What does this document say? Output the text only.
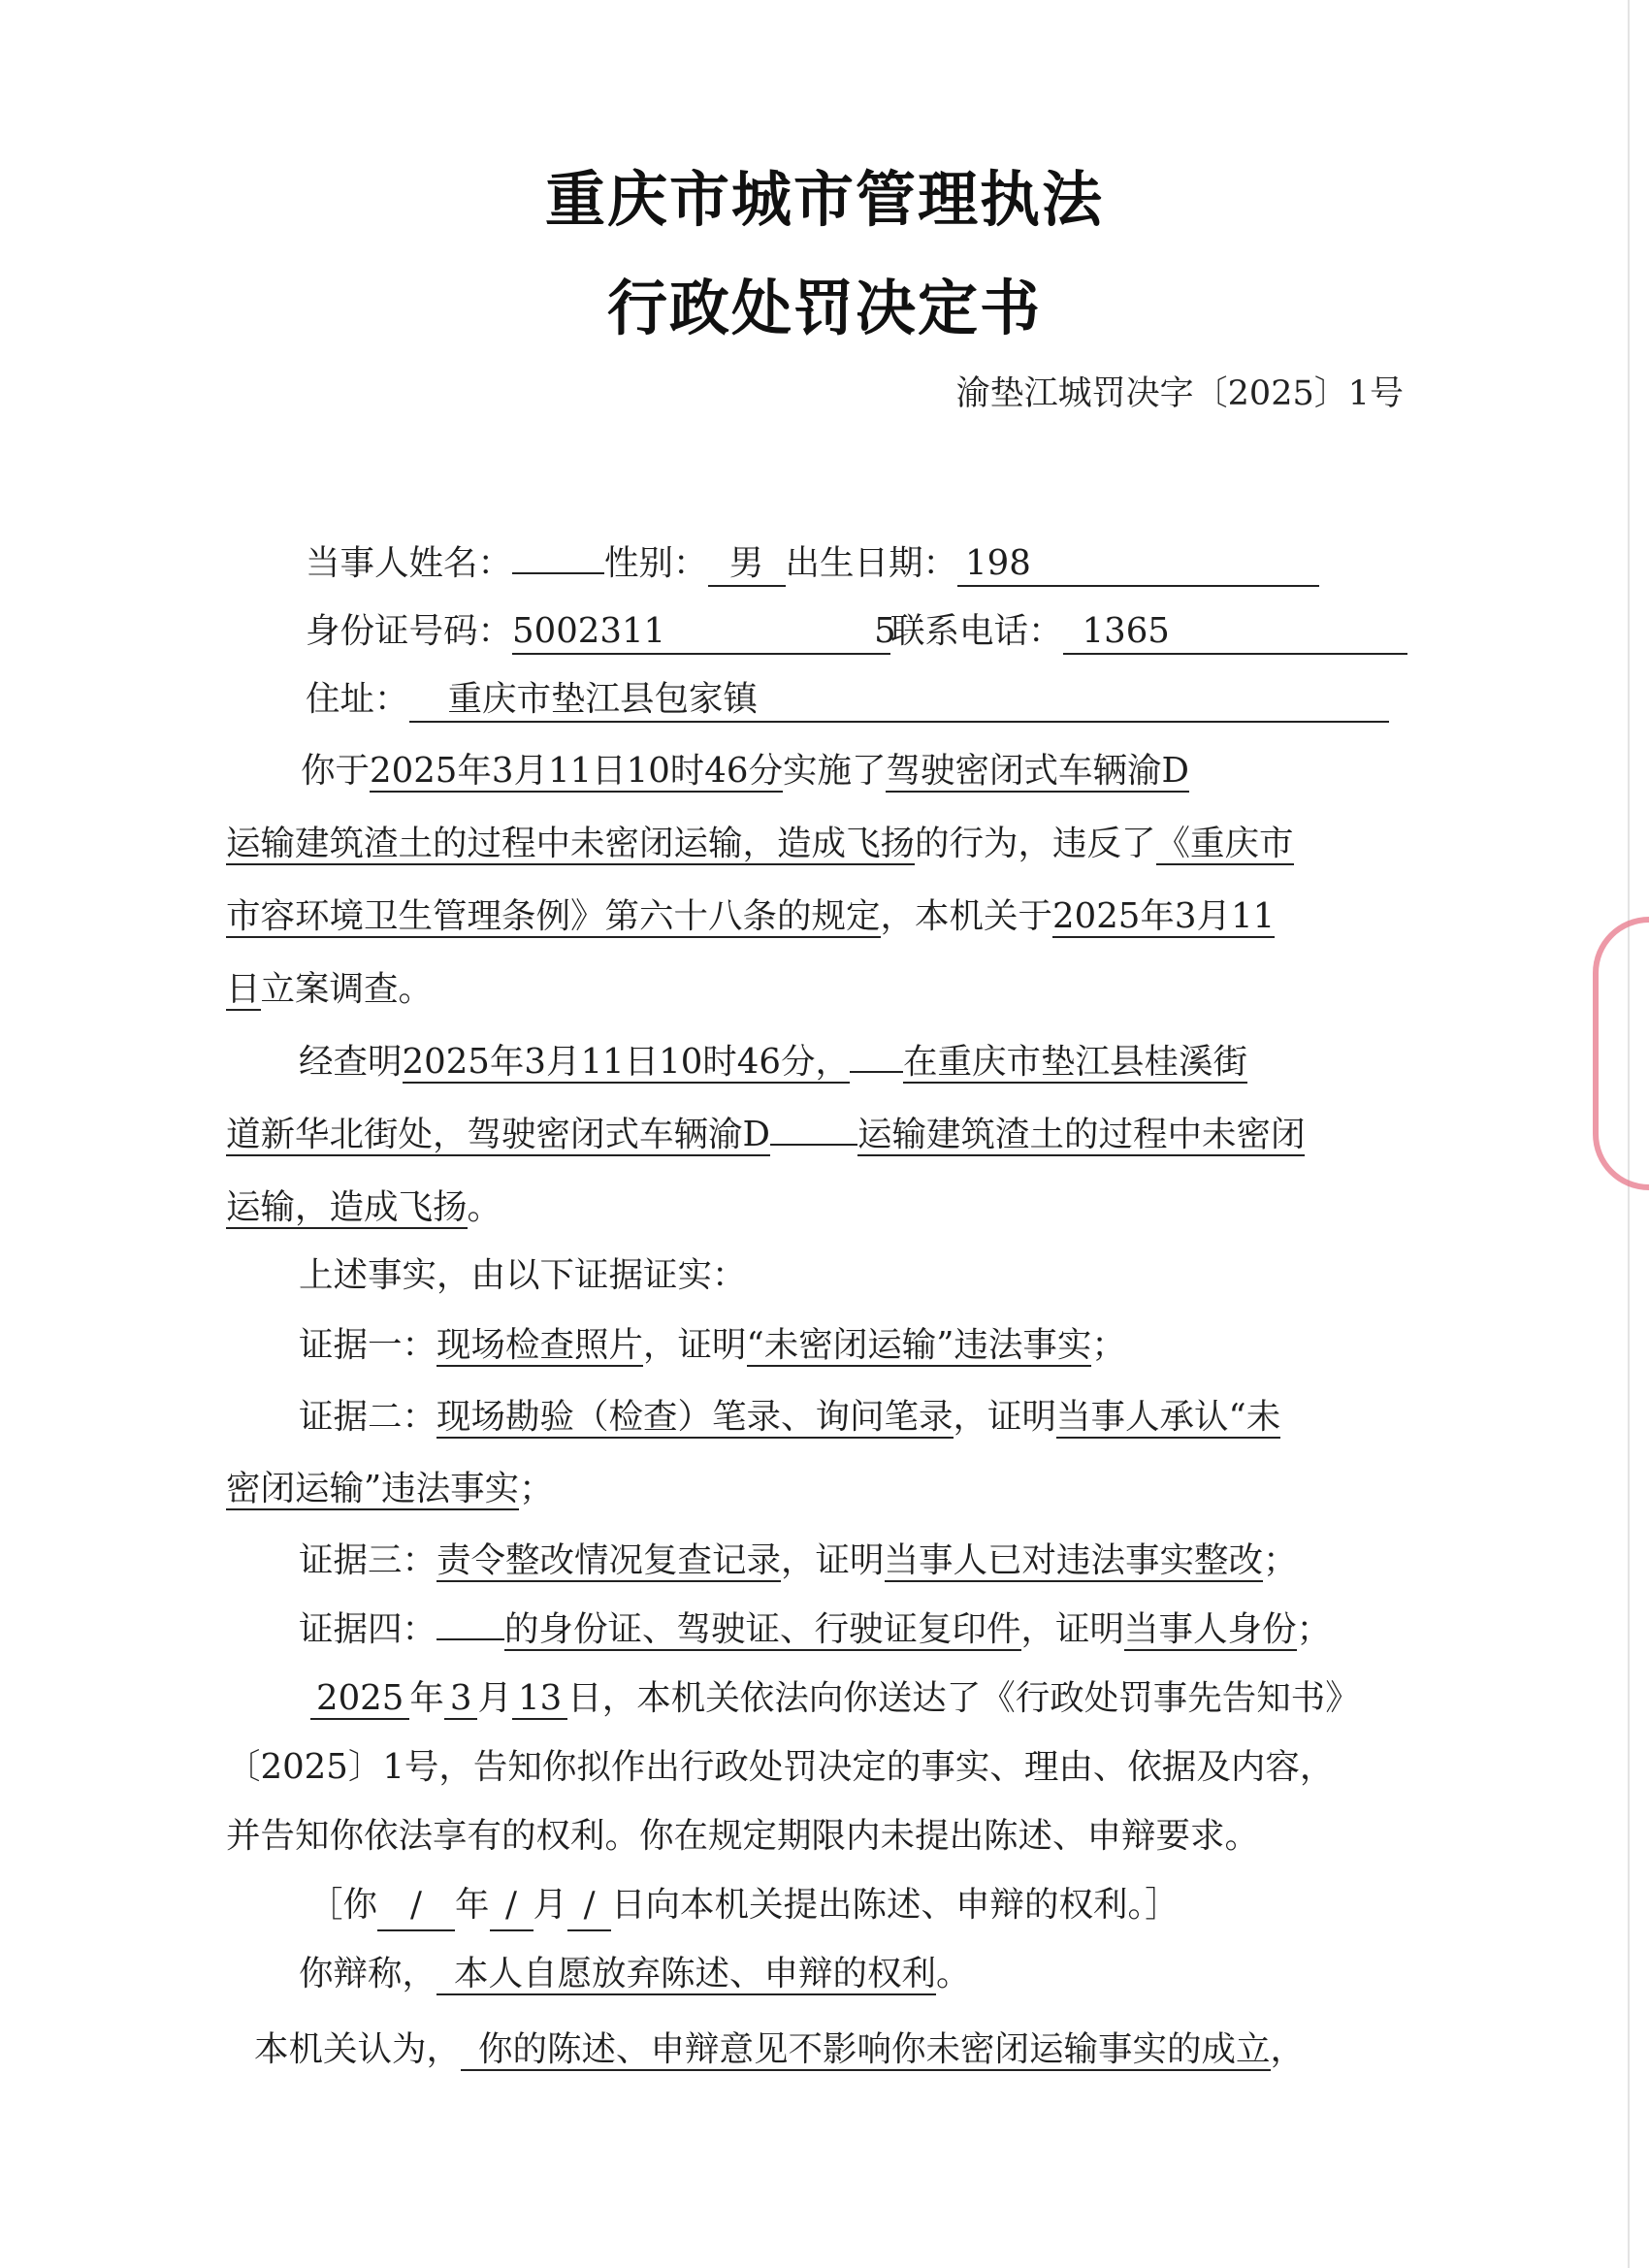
重庆市城市管理执法
行政处罚决定书
渝垫江城罚决字〔2025〕1号
当事人姓名：	性别： 男 出生日期： 198
身份证号码：5002311	5联系电话： 1365
住址： 重庆市垫江县包家镇
你于2025年3月11日10时46分实施了驾驶密闭式车辆渝D
运输建筑渣土的过程中未密闭运输，造成飞扬的行为，违反了《重庆市
市容环境卫生管理条例》第六十八条的规定，本机关于2025年3月11
日立案调查。
经查明2025年3月11日10时46分， 在重庆市垫江县桂溪街
道新华北街处，驾驶密闭式车辆渝D	运输建筑渣土的过程中未密闭
运输，造成飞扬。
上述事实，由以下证据证实：
证据一：现场检查照片，证明“未密闭运输”违法事实；
证据二：现场勘验（检查）笔录、询问笔录，证明当事人承认“未
密闭运输”违法事实；
证据三：责令整改情况复查记录，证明当事人已对违法事实整改；
证据四： 的身份证、驾驶证、行驶证复印件，证明当事人身份；
2025 年 3 月 13 日，本机关依法向你送达了《行政处罚事先告知书》
〔2025〕1号，告知你拟作出行政处罚决定的事实、理由、依据及内容，
并告知你依法享有的权利。你在规定期限内未提出陈述、申辩要求。
［你 / 年 / 月 / 日向本机关提出陈述、申辩的权利。］
你辩称， 本人自愿放弃陈述、申辩的权利。
本机关认为， 你的陈述、申辩意见不影响你未密闭运输事实的成立，
